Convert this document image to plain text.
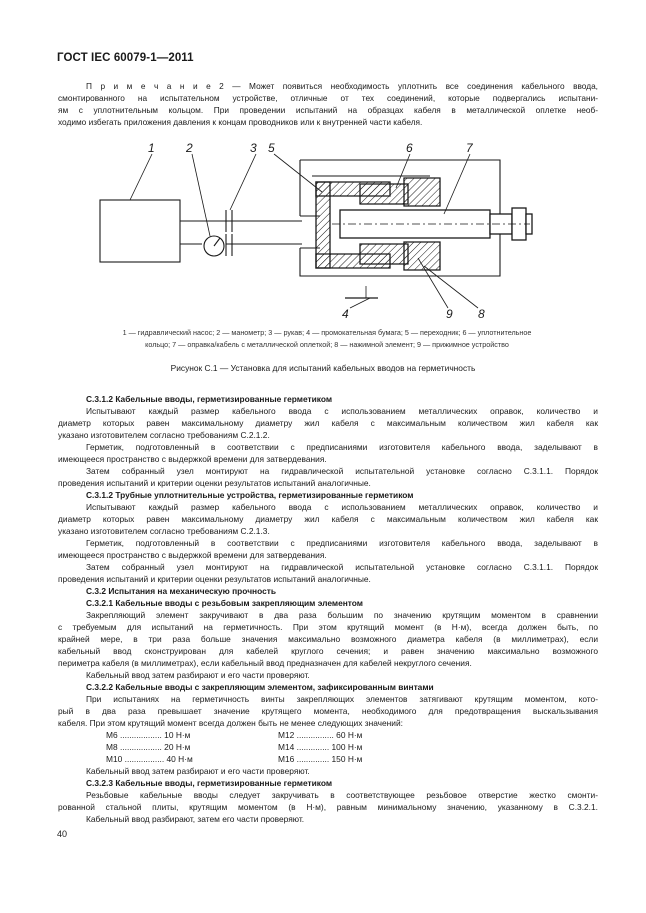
ГОСТ IEC 60079-1—2011
П р и м е ч а н и е 2 — Может появиться необходимость уплотнить все соединения кабельного ввода,
смонтированного на испытательном устройстве, отличные от тех соединений, которые подвергались испытани-
ям с уплотнительным кольцом. При проведении испытаний на образцах кабеля в металлической оплетке необ-
ходимо избегать приложения давления к концам проводников или к внутренней части кабеля.
1	2	3
4
5	6	7
8
9
1 — гидравлический насос; 2 — манометр; 3 — рукав; 4 — промокательная бумага; 5 — переходник; 6 — уплотнительное
кольцо; 7 — оправка/кабель с металлической оплеткой; 8 — нажимной элемент; 9 — прижимное устройство
Рисунок С.1 — Установка для испытаний кабельных вводов на герметичность
С.3.1.2 Кабельные вводы, герметизированные герметиком
Испытывают каждый размер кабельного ввода с использованием металлических оправок, количество и
диаметр которых равен максимальному диаметру жил кабеля с максимальным количеством жил кабеля как
указано изготовителем согласно требованиям С.2.1.2.
Герметик, подготовленный в соответствии с предписаниями изготовителя кабельного ввода, заделывают в
имеющееся пространство с выдержкой времени для затвердевания.
Затем собранный узел монтируют на гидравлической испытательной установке согласно С.3.1.1. Порядок
проведения испытаний и критерии оценки результатов испытаний аналогичные.
С.3.1.2 Трубные уплотнительные устройства, герметизированные герметиком
Испытывают каждый размер кабельного ввода с использованием металлических оправок, количество и
диаметр которых равен максимальному диаметру жил кабеля с максимальным количеством жил кабеля как
указано изготовителем согласно требованиям С.2.1.3.
Герметик, подготовленный в соответствии с предписаниями изготовителя кабельного ввода, заделывают в
имеющееся пространство с выдержкой времени для затвердевания.
Затем собранный узел монтируют на гидравлической испытательной установке согласно С.3.1.1. Порядок
проведения испытаний и критерии оценки результатов испытаний аналогичные.
С.3.2 Испытания на механическую прочность
С.3.2.1 Кабельные вводы с резьбовым закрепляющим элементом
Закрепляющий элемент закручивают в два раза большим по значению крутящим моментом в сравнении
с требуемым для испытаний на герметичность. При этом крутящий момент (в Н·м), всегда должен быть, по
крайней мере, в три раза больше значения максимально возможного диаметра кабеля (в миллиметрах), если
кабельный ввод сконструирован для кабелей круглого сечения; и равен значению максимально возможного
периметра кабеля (в миллиметрах), если кабельный ввод предназначен для кабелей некруглого сечения.
Кабельный ввод затем разбирают и его части проверяют.
С.3.2.2 Кабельные вводы с закрепляющим элементом, зафиксированным винтами
При испытаниях на герметичность винты закрепляющих элементов затягивают крутящим моментом, кото-
рый в два раза превышает значение крутящего момента, необходимого для предотвращения выскальзывания
кабеля. При этом крутящий момент всегда должен быть не менее следующих значений:
M6 .................. 10 Н·м	M12 ................ 60 Н·м
M8 .................. 20 Н·м	M14 .............. 100 Н·м
M10 ................. 40 Н·м	M16 .............. 150 Н·м
Кабельный ввод затем разбирают и его части проверяют.
С.3.2.3 Кабельные вводы, герметизированные герметиком
Резьбовые кабельные вводы следует закручивать в соответствующее резьбовое отверстие жестко смонти-
рованной стальной плиты, крутящим моментом (в Н·м), равным минимальному значению, указанному в С.3.2.1.
Кабельный ввод разбирают, затем его части проверяют.
40
